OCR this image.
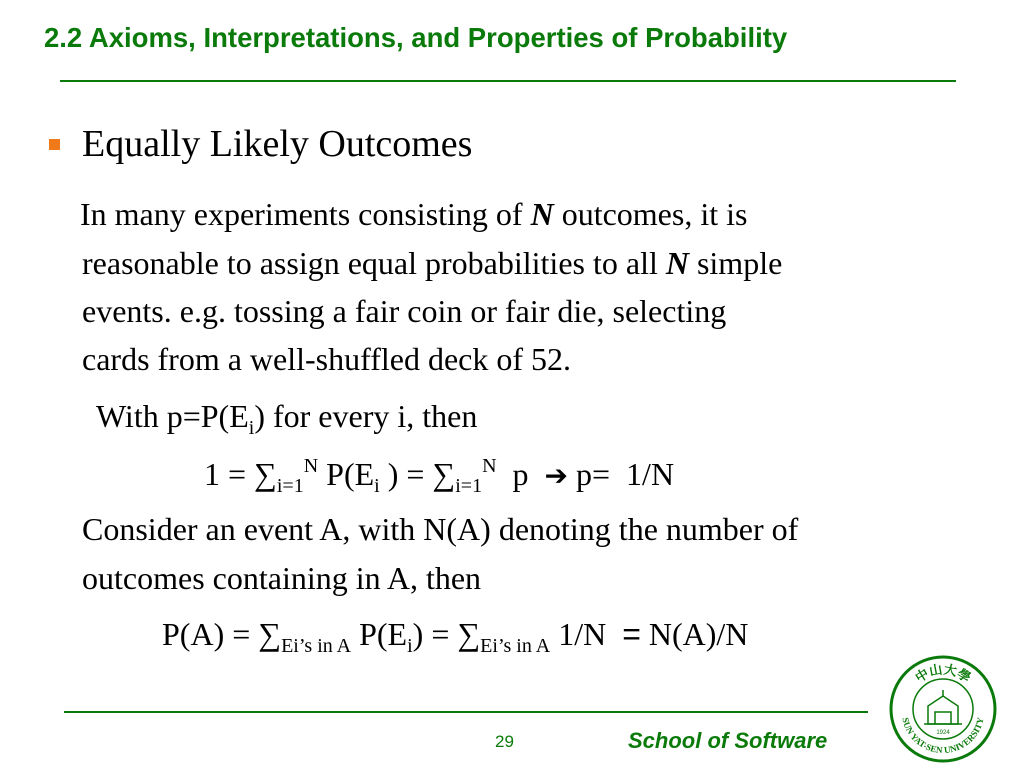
2.2 Axioms, Interpretations, and Properties of Probability
Equally Likely Outcomes
In many experiments consisting of N outcomes, it is
reasonable to assign equal probabilities to all N simple
events. e.g. tossing a fair coin or fair die, selecting
cards from a well-shuffled deck of 52.
With $p=P(E_i)$ for every i, then
$1 = \sum_{i=1}^N$ $P(E_i$ ) = $\sum_{i=1}^N$  p  ➔ p=  1/N
Consider an event A, with N(A) denoting the number of
outcomes containing in A, then
$P(A) = \sum_{Ei’s in A}$ $P(E_i) = \sum_{Ei’s in A}$ 1/N  = N(A)/N
29	School of Software
中山大學
SUN YAT-SEN UNIVERSITY
1924
